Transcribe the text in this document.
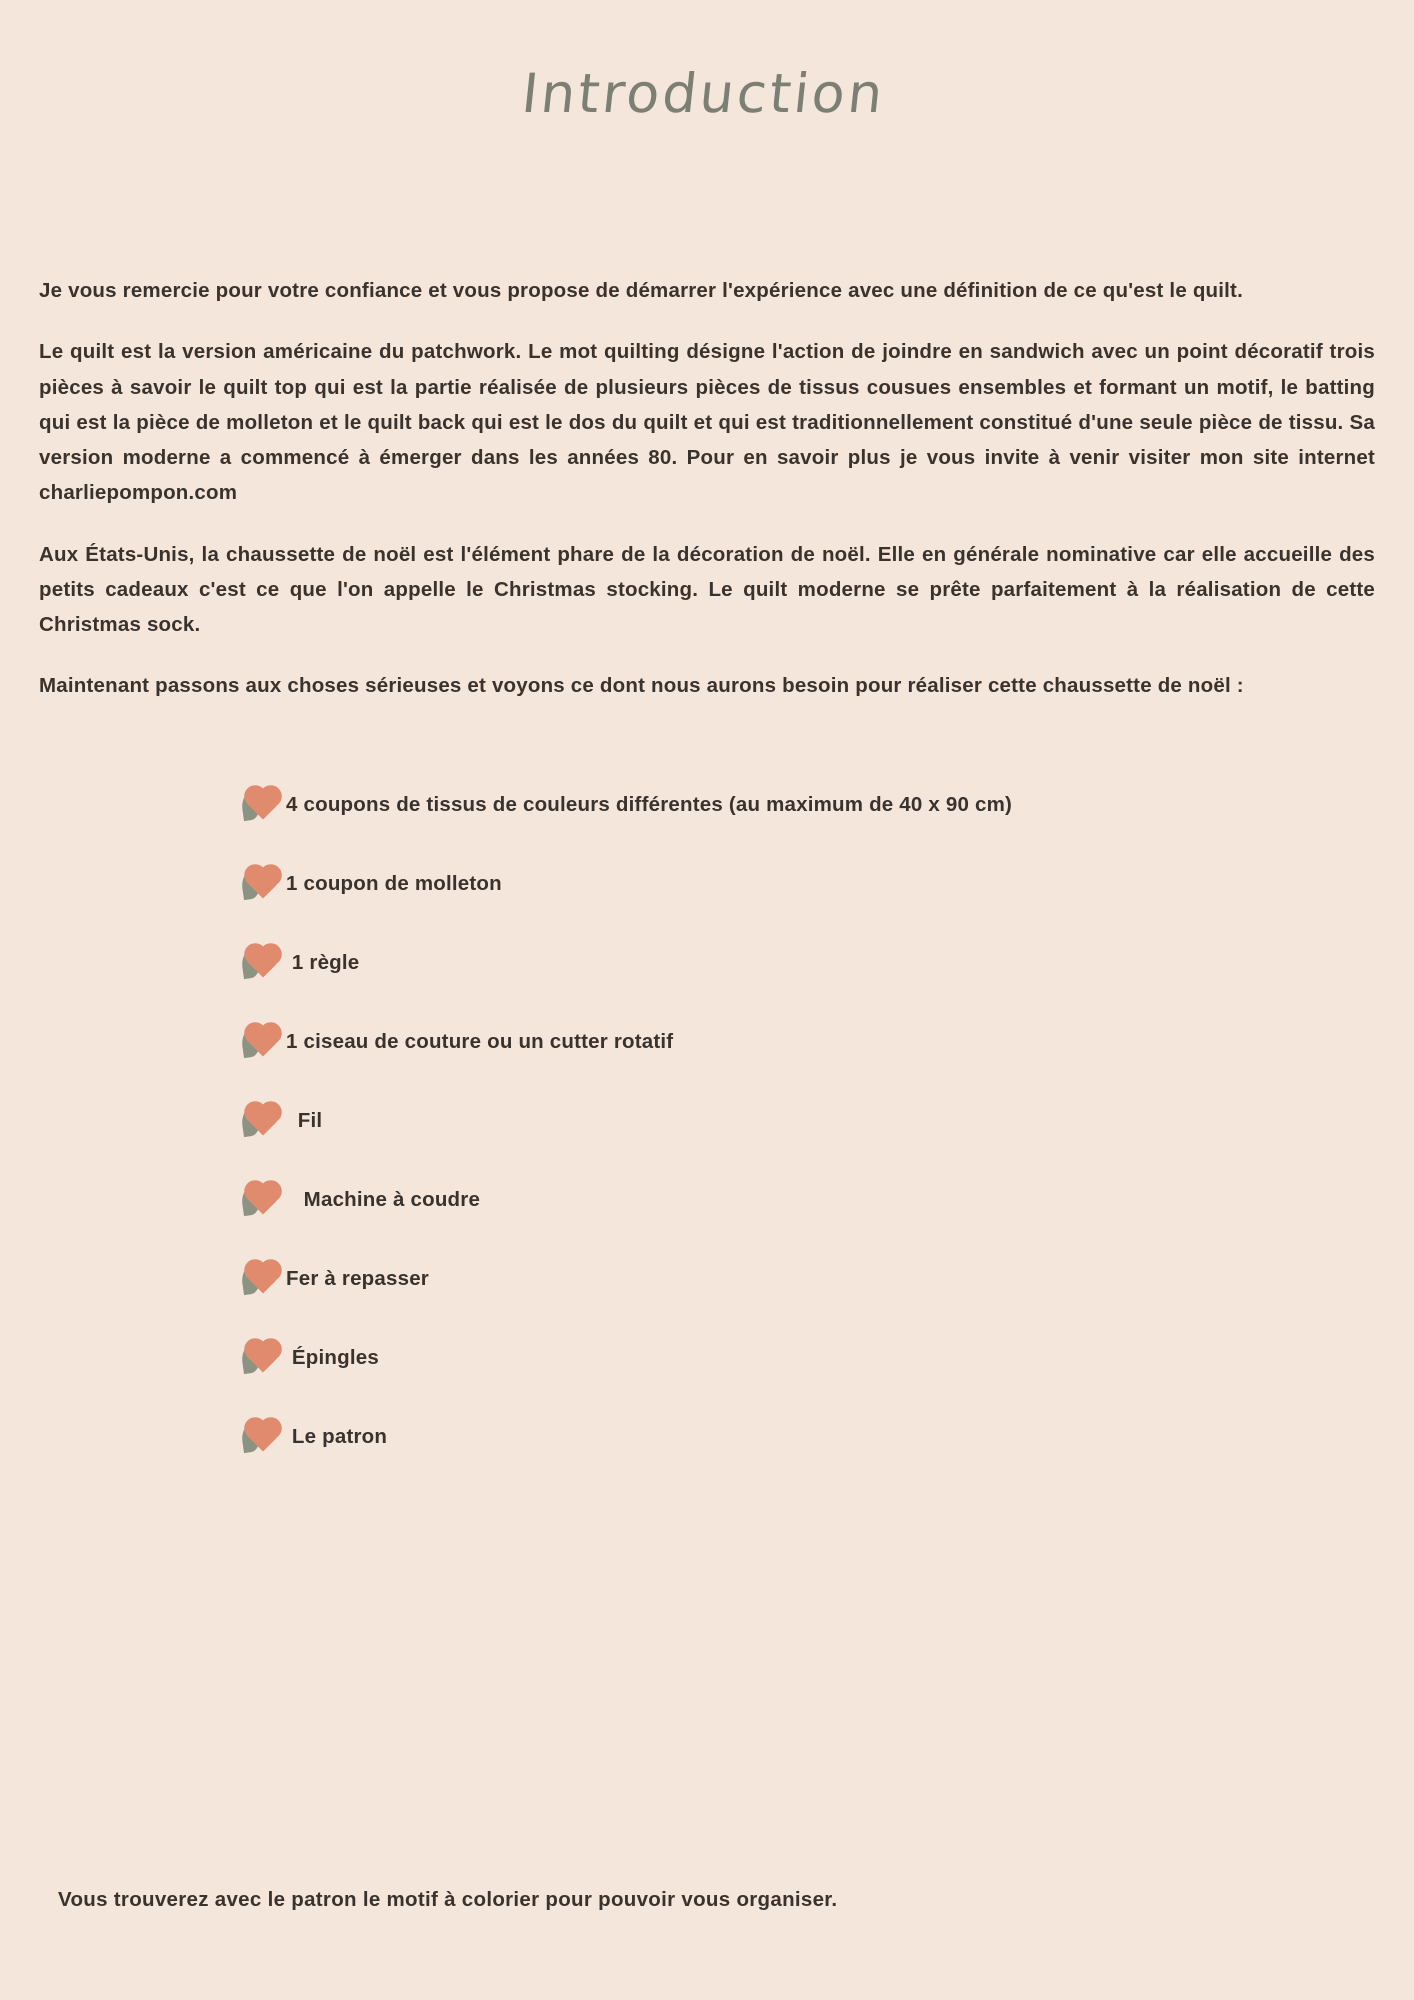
Introduction

Je vous remercie pour votre confiance et vous propose de démarrer l'expérience avec une définition de ce qu'est le quilt.

Le quilt est la version américaine du patchwork. Le mot quilting désigne l'action de joindre en sandwich avec un point décoratif trois pièces à savoir le quilt top qui est la partie réalisée de plusieurs pièces de tissus cousues ensembles et formant un motif, le batting qui est la pièce de molleton et le quilt back qui est le dos du quilt et qui est traditionnellement constitué d'une seule pièce de tissu. Sa version moderne a commencé à émerger dans les années 80. Pour en savoir plus je vous invite à venir visiter mon site internet charliepompon.com

Aux États-Unis, la chaussette de noël est l'élément phare de la décoration de noël. Elle en générale nominative car elle accueille des petits cadeaux c'est ce que l'on appelle le Christmas stocking. Le quilt moderne se prête parfaitement à la réalisation de cette Christmas sock.

Maintenant passons aux choses sérieuses et voyons ce dont nous aurons besoin pour réaliser cette chaussette de noël :

4 coupons de tissus de couleurs différentes (au maximum de 40 x 90 cm)
1 coupon de molleton
1 règle
1 ciseau de couture ou un cutter rotatif
Fil
Machine à coudre
Fer à repasser
Épingles
Le patron
Vous trouverez avec le patron le motif à colorier pour pouvoir vous organiser.
